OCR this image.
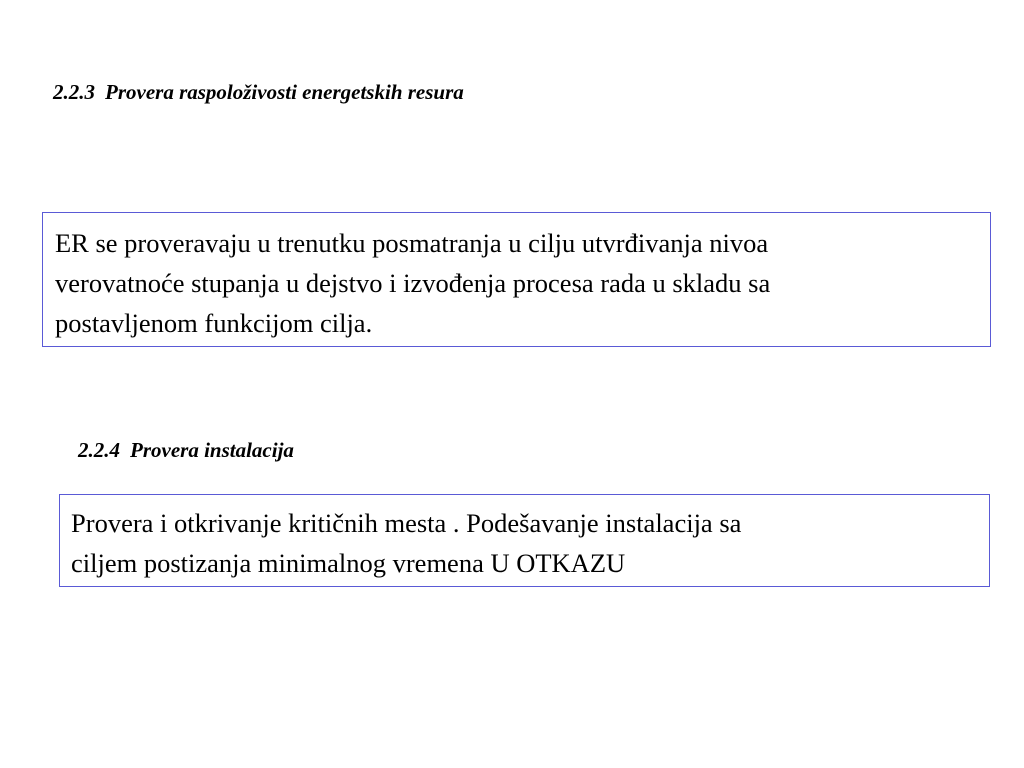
2.2.3 Provera raspoloživosti energetskih resura
ER se proveravaju u trenutku posmatranja u cilju utvrđivanja nivoa
verovatnoće stupanja u dejstvo i izvođenja procesa rada u skladu sa
postavljenom funkcijom cilja.
2.2.4 Provera instalacija
Provera i otkrivanje kritičnih mesta . Podešavanje instalacija sa
ciljem postizanja minimalnog vremena U OTKAZU
